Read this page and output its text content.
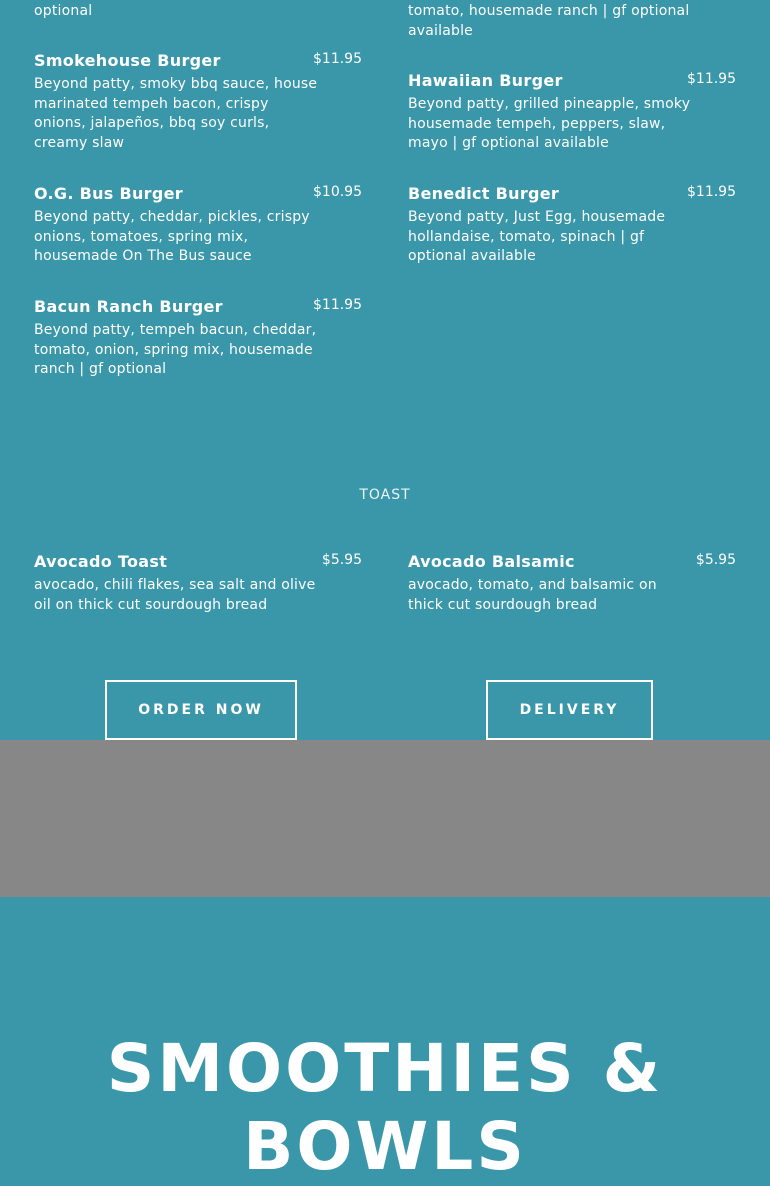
optional	tomato, housemade ranch | gf optional available
Smokehouse Burger	$11.95
Beyond patty, smoky bbq sauce, house marinated tempeh bacon, crispy onions, jalapeños, bbq soy curls, creamy slaw
O.G. Bus Burger	$10.95
Beyond patty, cheddar, pickles, crispy onions, tomatoes, spring mix, housemade On The Bus sauce
Bacun Ranch Burger	$11.95
Beyond patty, tempeh bacun, cheddar, tomato, onion, spring mix, housemade ranch | gf optional
Hawaiian Burger	$11.95
Beyond patty, grilled pineapple, smoky housemade tempeh, peppers, slaw, mayo | gf optional available
Benedict Burger	$11.95
Beyond patty, Just Egg, housemade hollandaise, tomato, spinach | gf optional available
TOAST
Avocado Toast	$5.95
avocado, chili flakes, sea salt and olive oil on thick cut sourdough bread
Avocado Balsamic	$5.95
avocado, tomato, and balsamic on thick cut sourdough bread
ORDER NOW	DELIVERY
SMOOTHIES &
BOWLS
